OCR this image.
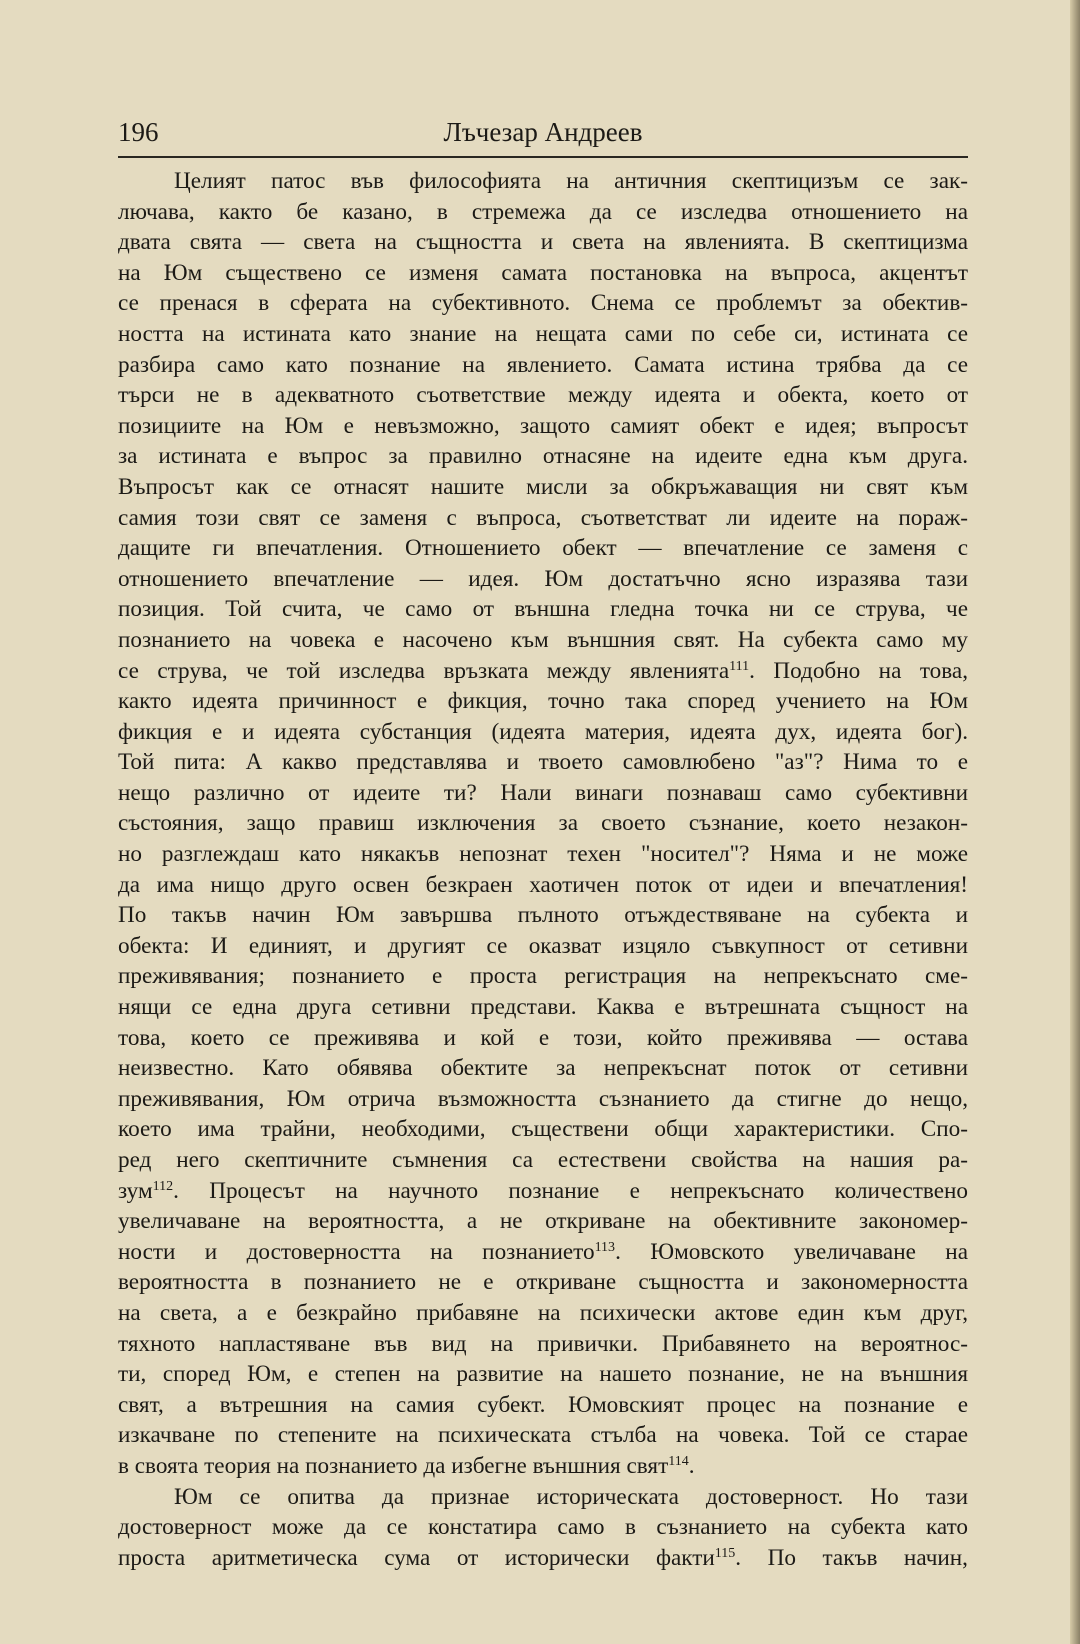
196	Лъчезар Андреев
Целият патос във философията на античния скептицизъм се зак-
лючава, както бе казано, в стремежа да се изследва отношението на
двата свята — света на същността и света на явленията. В скептицизма
на Юм съществено се изменя самата постановка на въпроса, акцентът
се пренася в сферата на субективното. Снема се проблемът за обектив-
ността на истината като знание на нещата сами по себе си, истината се
разбира само като познание на явлението. Самата истина трябва да се
търси не в адекватното съответствие между идеята и обекта, което от
позициите на Юм е невъзможно, защото самият обект е идея; въпросът
за истината е въпрос за правилно отнасяне на идеите една към друга.
Въпросът как се отнасят нашите мисли за обкръжаващия ни свят към
самия този свят се заменя с въпроса, съответстват ли идеите на пораж-
дащите ги впечатления. Отношението обект — впечатление се заменя с
отношението впечатление — идея. Юм достатъчно ясно изразява тази
позиция. Той счита, че само от външна гледна точка ни се струва, че
познанието на човека е насочено към външния свят. На субекта само му
се струва, че той изследва връзката между явленията$^{111}$. Подобно на това,
както идеята причинност е фикция, точно така според учението на Юм
фикция е и идеята субстанция (идеята материя, идеята дух, идеята бог).
Той пита: А какво представлява и твоето самовлюбено "аз"? Нима то е
нещо различно от идеите ти? Нали винаги познаваш само субективни
състояния, защо правиш изключения за своето съзнание, което незакон-
но разглеждаш като някакъв непознат техен "носител"? Няма и не може
да има нищо друго освен безкраен хаотичен поток от идеи и впечатления!
По такъв начин Юм завършва пълното отъждествяване на субекта и
обекта: И единият, и другият се оказват изцяло съвкупност от сетивни
преживявания; познанието е проста регистрация на непрекъснато сме-
нящи се една друга сетивни представи. Каква е вътрешната същност на
това, което се преживява и кой е този, който преживява — остава
неизвестно. Като обявява обектите за непрекъснат поток от сетивни
преживявания, Юм отрича възможността съзнанието да стигне до нещо,
което има трайни, необходими, съществени общи характеристики. Спо-
ред него скептичните съмнения са естествени свойства на нашия ра-
зум$^{112}$. Процесът на научното познание е непрекъснато количествено
увеличаване на вероятността, а не откриване на обективните закономер-
ности и достоверността на познанието$^{113}$. Юмовското увеличаване на
вероятността в познанието не е откриване същността и закономерността
на света, а е безкрайно прибавяне на психически актове един към друг,
тяхното напластяване във вид на привички. Прибавянето на вероятнос-
ти, според Юм, е степен на развитие на нашето познание, не на външния
свят, а вътрешния на самия субект. Юмовският процес на познание е
изкачване по степените на психическата стълба на човека. Той се старае
в своята теория на познанието да избегне външния свят$^{114}$.
Юм се опитва да признае историческата достоверност. Но тази
достоверност може да се констатира само в съзнанието на субекта като
проста аритметическа сума от исторически факти$^{115}$. По такъв начин,
